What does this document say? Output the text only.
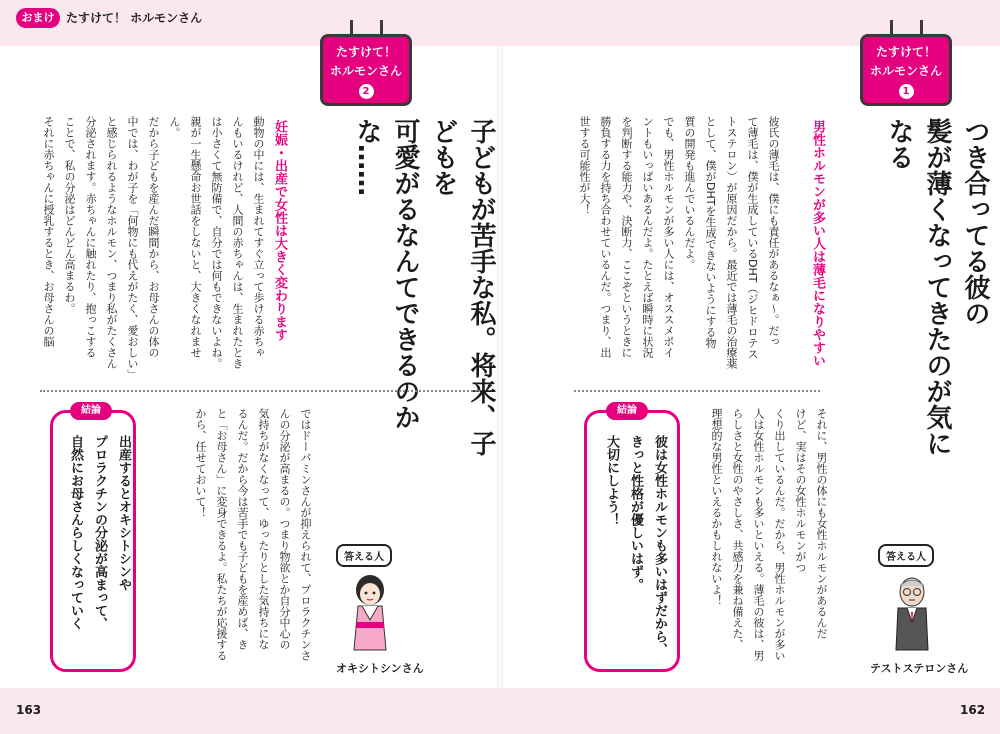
おまけ たすけて！ ホルモンさん
たすけて！
ホルモンさん
2
子どもが苦手な私。将来、子どもを
可愛がるなんてできるのかな……
妊娠・出産で女性は大きく変わります
動物の中には、生まれてすぐ立って歩ける赤ちゃ
んもいるけれど、人間の赤ちゃんは、生まれたとき
は小さくて無防備で、自分では何もできないよね。
親が一生懸命お世話をしないと、大きくなれません。
だから子どもを産んだ瞬間から、お母さんの体の
中では、わが子を「何物にも代えがたく、愛おしい」
と感じられるようなホルモン、つまり私がたくさん
分泌されます。赤ちゃんに触れたり、抱っこする
ことで、私の分泌はどんどん高まるわ。
それに赤ちゃんに授乳するとき、お母さんの脳
ではドーパミンさんが抑えられて、プロラクチンさ
んの分泌が高まるの。つまり物欲とか自分中心の
気持ちがなくなって、ゆったりとした気持ちにな
るんだ。だから今は苦手でも子どもを産めば、き
と「お母さん」に変身できるよ。私たちが応援する
から、任せておいて！
出産するとオキシトシンや
プロラクチンの分泌が高まって、
自然にお母さんらしくなっていく
結論
答える人
オキシトシンさん
163
たすけて！
ホルモンさん
1
つき合ってる彼の
髪が薄くなってきたのが気になる
男性ホルモンが多い人は薄毛になりやすい
彼氏の薄毛は、僕にも責任があるなぁ～。だっ
て薄毛は、僕が生成しているDHT（ジヒドロテス
トステロン）が原因だから。最近では薄毛の治療薬
として、僕がDHTを生成できないようにする物
質の開発も進んでいるんだよ。
でも、男性ホルモンが多い人には、オススメポイ
ントもいっぱいあるんだよ。たとえば瞬時に状況
を判断する能力や、決断力、ここぞというときに
勝負する力を持ち合わせているんだ。つまり、出
世する可能性が大！
それに、男性の体にも女性ホルモンがあるんだ
けど、実はその女性ホルモンがつ
くり出しているんだ。だから、男性ホルモンが多い
人は女性ホルモンも多いといえる。薄毛の彼は、男
らしさと女性のやさしさ、共感力を兼ね備えた、
理想的な男性といえるかもしれないよ！
彼は女性ホルモンも多いはずだから、
きっと性格が優しいはず。
大切にしよう！
結論
答える人
テストステロンさん
162
